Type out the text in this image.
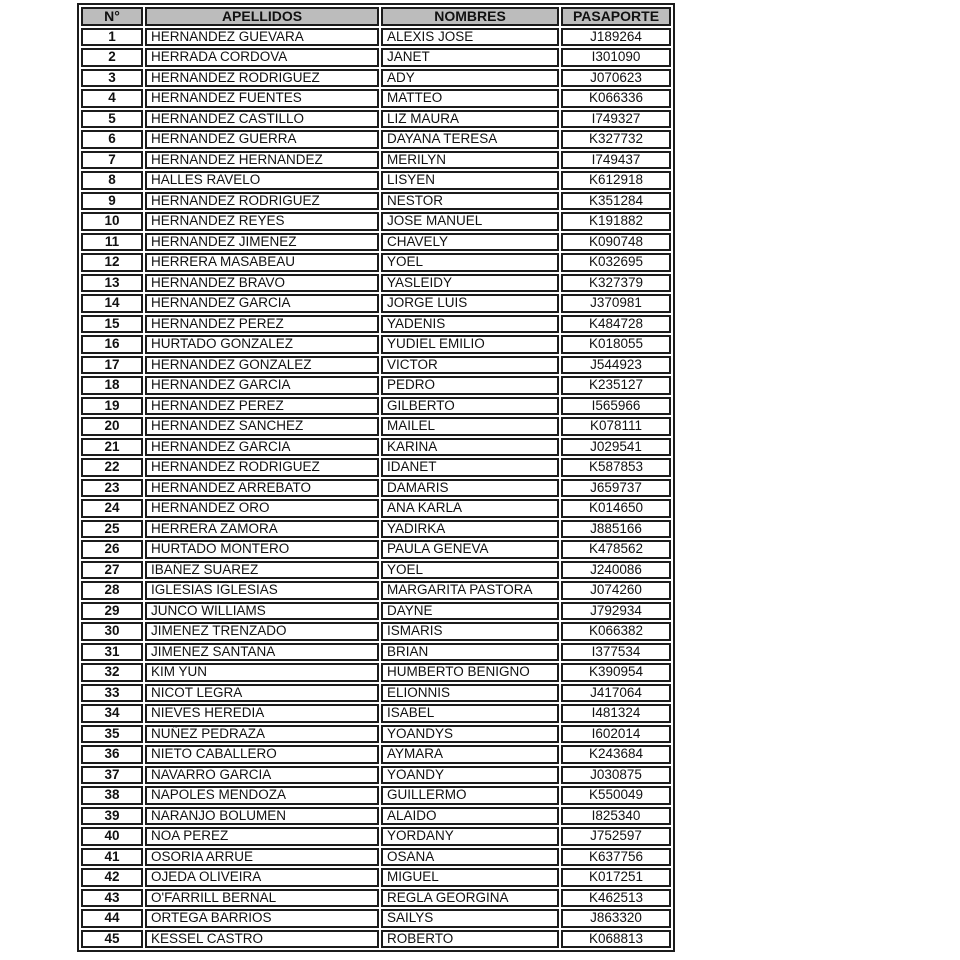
N°	APELLIDOS	NOMBRES	PASAPORTE
1	HERNANDEZ GUEVARA	ALEXIS JOSE	J189264
2	HERRADA CORDOVA	JANET	I301090
3	HERNANDEZ RODRIGUEZ	ADY	J070623
4	HERNANDEZ FUENTES	MATTEO	K066336
5	HERNANDEZ CASTILLO	LIZ MAURA	I749327
6	HERNANDEZ GUERRA	DAYANA TERESA	K327732
7	HERNANDEZ HERNANDEZ	MERILYN	I749437
8	HALLES RAVELO	LISYEN	K612918
9	HERNANDEZ RODRIGUEZ	NESTOR	K351284
10	HERNANDEZ REYES	JOSE MANUEL	K191882
11	HERNANDEZ JIMENEZ	CHAVELY	K090748
12	HERRERA MASABEAU	YOEL	K032695
13	HERNANDEZ BRAVO	YASLEIDY	K327379
14	HERNANDEZ GARCIA	JORGE LUIS	J370981
15	HERNANDEZ PEREZ	YADENIS	K484728
16	HURTADO GONZALEZ	YUDIEL EMILIO	K018055
17	HERNANDEZ GONZALEZ	VICTOR	J544923
18	HERNANDEZ GARCIA	PEDRO	K235127
19	HERNANDEZ PEREZ	GILBERTO	I565966
20	HERNANDEZ SANCHEZ	MAILEL	K078111
21	HERNANDEZ GARCIA	KARINA	J029541
22	HERNANDEZ RODRIGUEZ	IDANET	K587853
23	HERNANDEZ ARREBATO	DAMARIS	J659737
24	HERNANDEZ ORO	ANA KARLA	K014650
25	HERRERA ZAMORA	YADIRKA	J885166
26	HURTADO MONTERO	PAULA GENEVA	K478562
27	IBAÑEZ SUAREZ	YOEL	J240086
28	IGLESIAS IGLESIAS	MARGARITA PASTORA	J074260
29	JUNCO WILLIAMS	DAYNE	J792934
30	JIMENEZ TRENZADO	ISMARIS	K066382
31	JIMENEZ SANTANA	BRIAN	I377534
32	KIM YUN	HUMBERTO BENIGNO	K390954
33	NICOT LEGRA	ELIONNIS	J417064
34	NIEVES HEREDIA	ISABEL	I481324
35	NUÑEZ PEDRAZA	YOANDYS	I602014
36	NIETO CABALLERO	AYMARA	K243684
37	NAVARRO GARCIA	YOANDY	J030875
38	NAPOLES MENDOZA	GUILLERMO	K550049
39	NARANJO BOLUMEN	ALAIDO	I825340
40	NOA PEREZ	YORDANY	J752597
41	OSORIA ARRUE	OSANA	K637756
42	OJEDA OLIVEIRA	MIGUEL	K017251
43	O'FARRILL BERNAL	REGLA GEORGINA	K462513
44	ORTEGA BARRIOS	SAILYS	J863320
45	KESSEL CASTRO	ROBERTO	K068813
